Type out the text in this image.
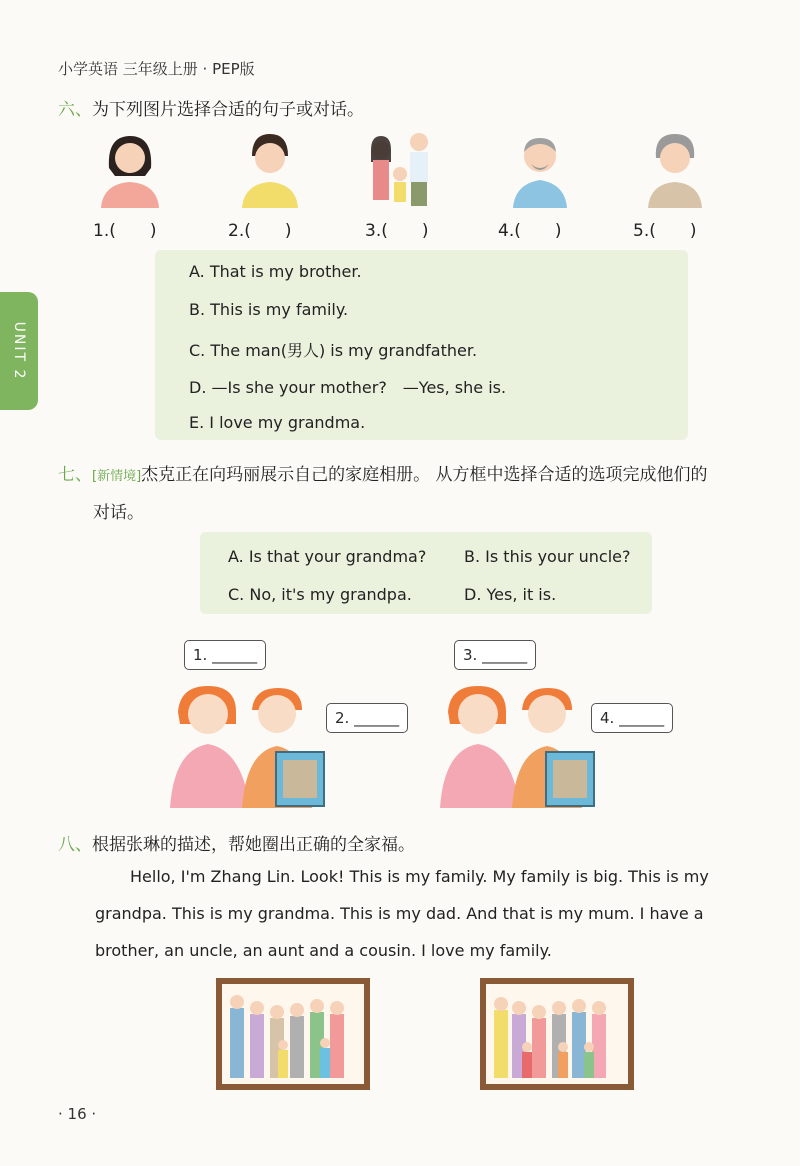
小学英语 三年级上册 · PEP版
UNIT 2
六、为下列图片选择合适的句子或对话。
1.(　　)	2.(　　)	3.(　　)	4.(　　)	5.(　　)
A. That is my brother.
B. This is my family.
C. The man(男人) is my grandfather.
D. —Is she your mother?　—Yes, she is.
E. I love my grandma.
七、[新情境]杰克正在向玛丽展示自己的家庭相册。 从方框中选择合适的选项完成他们的
对话。
A. Is that your grandma? B. Is this your uncle?
C. No, it's my grandpa.	D. Yes, it is.
1. ______
2. ______
3. ______
4. ______
八、根据张琳的描述，帮她圈出正确的全家福。
Hello, I'm Zhang Lin. Look! This is my family. My family is big. This is my
grandpa. This is my grandma. This is my dad. And that is my mum. I have a
brother, an uncle, an aunt and a cousin. I love my family.
· 16 ·
